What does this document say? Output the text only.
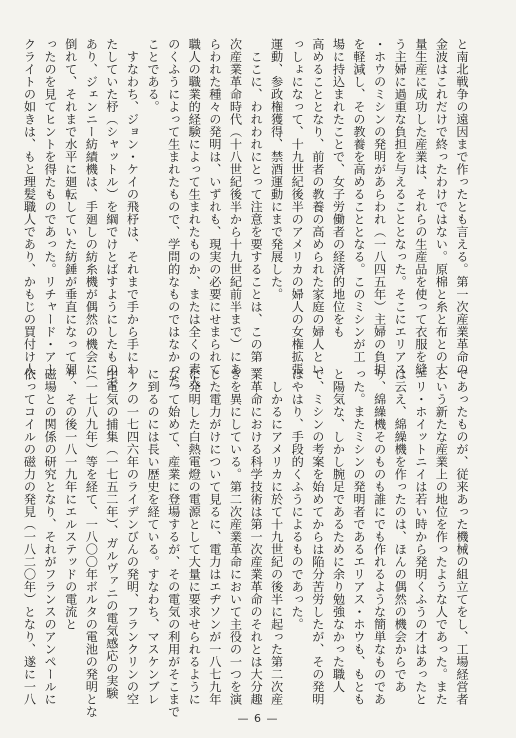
と南北戦争の遠因まで作ったとも言える。第一次産業革命の
金波はこれだけで終ったわけではない。原棉と糸と布との大
量生産に成功した産業は、それらの生産品を使って衣服を縫
う主婦に過重な負担を与えることとなった。そこにエリアス
・ホウのミシンの発明があらわれ（一八四五年）主婦の負担
を軽減し、その教養を高めることとなる。このミシンが工
場に持込まれたことで、女子労働者の経済的地位をも
高めることとなり、前者の教養の高められた家庭の婦人とい
っしょになって、十九世紀後半のアメリカの婦人の女権拡張
運動、参政権獲得、禁酒運動にまで発展した。
　ここに、われわれにとって注意を要することは、この第一
次産業革命時代（十八世紀後半から十九世紀前半まで）にあ
らわれた種々の発明は、いずれも、現実の必要にせまられて
職人の職業的経験によって生まれたものか、または全くの素人
のくふうによって生まれたもので、学問的なものではなかった
ことである。
　すなわち、ジョン・ケイの飛杼は、それまで手から手にわ
たしていた杼（シャットル）を綱でけとばすようにしたもので
あり、ジェンニー紡績機は、手廻しの紡糸機が偶然の機会に
倒れて、それまで水平に廻転していた紡錘が垂直になって廻
ったのを見てヒントを得たものであった。リチャード・アー
クライトの如きは、もと理髪職人であり、かもじの買付け人
であったものが、従来あった機械の組立てをし、工場経営者
という新たな産業上の地位を作ったような人であった。また
エリ・ホイットニイは若い時から発明くふうの才はあったと
は云え、綿繰機を作ったのは、ほんの偶然の機会からであ
り、綿繰機そのものも誰にでも作れるような簡単なものであ
った。またミシンの発明者であるエリアス・ホウも、もとも
と陽気な、しかし腕足であるために余り勉強なかった職人
で、ミシンの考案を始めてからは陥分苦労したが、その発明
はやはり、手段的くふうによるものであった。
　しかるにアメリカに於て十九世紀の後半に起った第二次産
業革命における科学技術は第一次産業革命のそれとは大分趣
きを異にしている。第二次産業革命において主役の一つを演
じた電力がけについて見るに、電力はエヂソンが一八七九年
に発明した白熱電燈の電源として大量に要求せられるように
なって始めて、産業に登場するが、その電気の利用がそこまで
に到るのには長い歴史を経ている。すなわち、マスケンブレ
ークの一七四六年のライデンびんの発明、フランクリンの空
中電気の捕集（一七五二年）、ガルヴァニの電気感応の実験
（一七八九年）等を経て、一八〇〇年ボルタの電池の発明とな
り、その後一八一九年にエルステッドの電流と
磁場との関係の研究となり、それがフランスのアンペールに
依ってコイルの磁力の発見（一八二〇年）となり、遂に一八
— 6 —
